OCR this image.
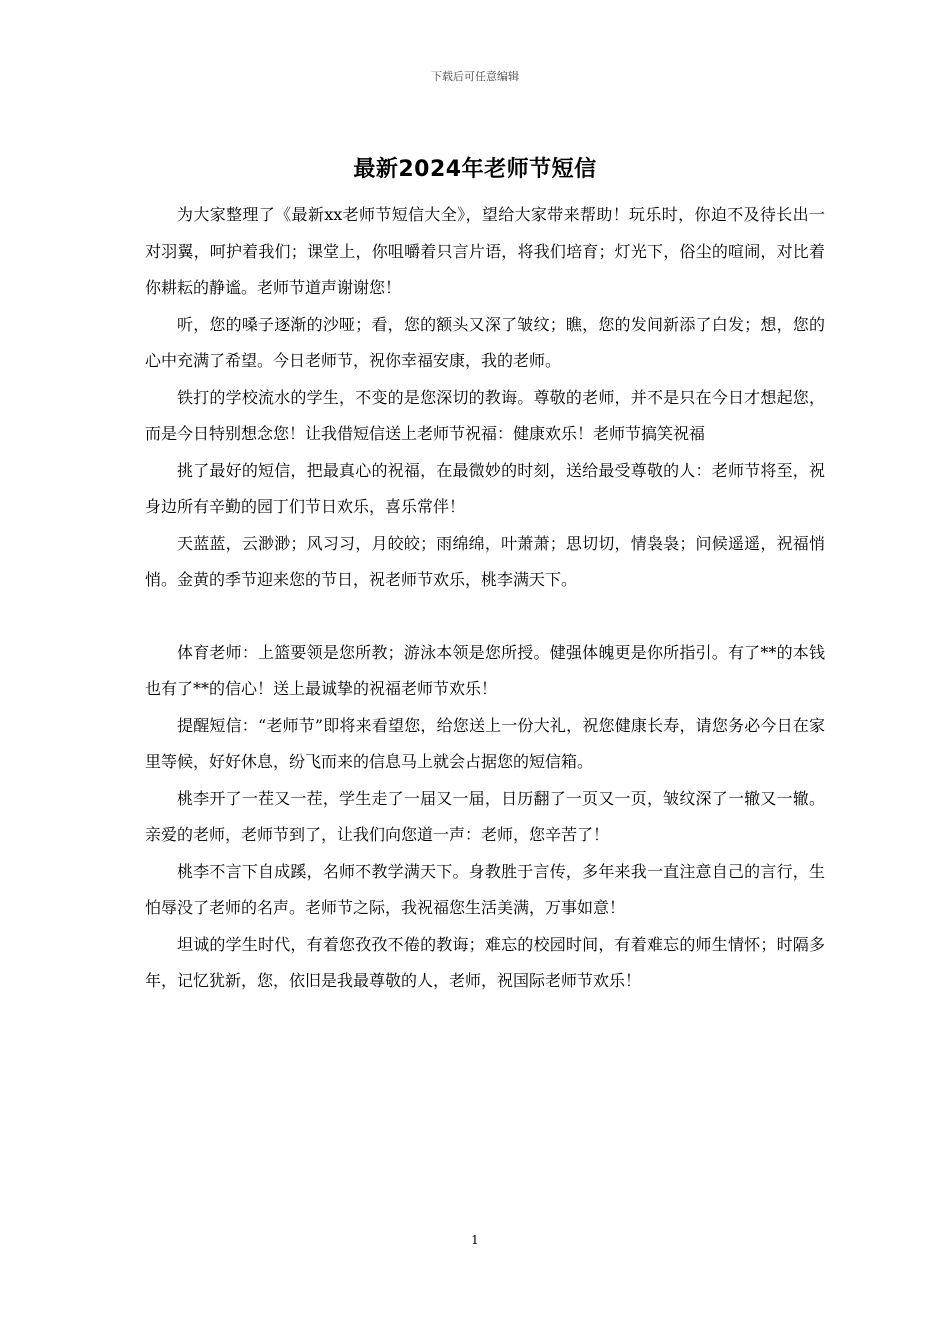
下载后可任意编辑
最新2024年老师节短信

为大家整理了《最新xx老师节短信大全》，望给大家带来帮助！玩乐时，你迫不及待长出一对羽翼，呵护着我们；课堂上，你咀嚼着只言片语，将我们培育；灯光下，俗尘的喧闹，对比着你耕耘的静谧。老师节道声谢谢您！

听，您的嗓子逐渐的沙哑；看，您的额头又深了皱纹；瞧，您的发间新添了白发；想，您的心中充满了希望。今日老师节，祝你幸福安康，我的老师。

铁打的学校流水的学生，不变的是您深切的教诲。尊敬的老师，并不是只在今日才想起您，而是今日特别想念您！让我借短信送上老师节祝福：健康欢乐！老师节搞笑祝福

挑了最好的短信，把最真心的祝福，在最微妙的时刻，送给最受尊敬的人：老师节将至，祝身边所有辛勤的园丁们节日欢乐，喜乐常伴！

天蓝蓝，云渺渺；风习习，月皎皎；雨绵绵，叶萧萧；思切切，情袅袅；问候遥遥，祝福悄悄。金黄的季节迎来您的节日，祝老师节欢乐，桃李满天下。

体育老师：上篮要领是您所教；游泳本领是您所授。健强体魄更是你所指引。有了**的本钱也有了**的信心！送上最诚挚的祝福老师节欢乐！

提醒短信：“老师节”即将来看望您，给您送上一份大礼，祝您健康长寿，请您务必今日在家里等候，好好休息，纷飞而来的信息马上就会占据您的短信箱。

桃李开了一茬又一茬，学生走了一届又一届，日历翻了一页又一页，皱纹深了一辙又一辙。亲爱的老师，老师节到了，让我们向您道一声：老师，您辛苦了！

桃李不言下自成蹊，名师不教学满天下。身教胜于言传，多年来我一直注意自己的言行，生怕辱没了老师的名声。老师节之际，我祝福您生活美满，万事如意！

坦诚的学生时代，有着您孜孜不倦的教诲；难忘的校园时间，有着难忘的师生情怀；时隔多年，记忆犹新，您，依旧是我最尊敬的人，老师，祝国际老师节欢乐！

1
